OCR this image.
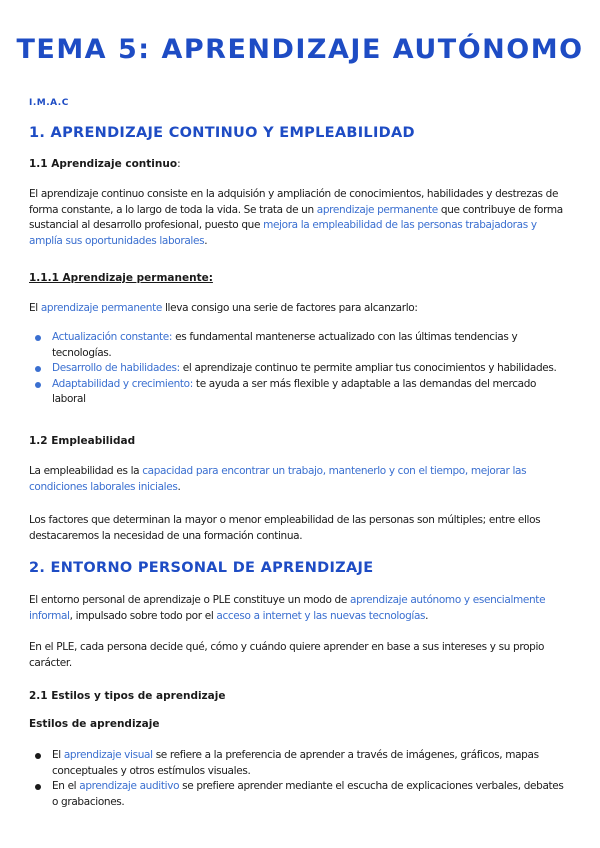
TEMA 5: APRENDIZAJE AUTÓNOMO
I.M.A.C
1. APRENDIZAJE CONTINUO Y EMPLEABILIDAD
1.1 Aprendizaje continuo:
El aprendizaje continuo consiste en la adquisión y ampliación de conocimientos, habilidades y destrezas de forma constante, a lo largo de toda la vida. Se trata de un aprendizaje permanente que contribuye de forma sustancial al desarrollo profesional, puesto que mejora la empleabilidad de las personas trabajadoras y amplía sus oportunidades laborales.
1.1.1 Aprendizaje permanente:
El aprendizaje permanente lleva consigo una serie de factores para alcanzarlo:
Actualización constante: es fundamental mantenerse actualizado con las últimas tendencias y tecnologías.
Desarrollo de habilidades: el aprendizaje continuo te permite ampliar tus conocimientos y habilidades.
Adaptabilidad y crecimiento: te ayuda a ser más flexible y adaptable a las demandas del mercado laboral
1.2 Empleabilidad
La empleabilidad es la capacidad para encontrar un trabajo, mantenerlo y con el tiempo, mejorar las condiciones laborales iniciales.
Los factores que determinan la mayor o menor empleabilidad de las personas son múltiples; entre ellos destacaremos la necesidad de una formación continua.
2. ENTORNO PERSONAL DE APRENDIZAJE
El entorno personal de aprendizaje o PLE constituye un modo de aprendizaje autónomo y esencialmente informal, impulsado sobre todo por el acceso a internet y las nuevas tecnologías.
En el PLE, cada persona decide qué, cómo y cuándo quiere aprender en base a sus intereses y su propio carácter.
2.1 Estilos y tipos de aprendizaje
Estilos de aprendizaje
El aprendizaje visual se refiere a la preferencia de aprender a través de imágenes, gráficos, mapas conceptuales y otros estímulos visuales.
En el aprendizaje auditivo se prefiere aprender mediante el escucha de explicaciones verbales, debates o grabaciones.
